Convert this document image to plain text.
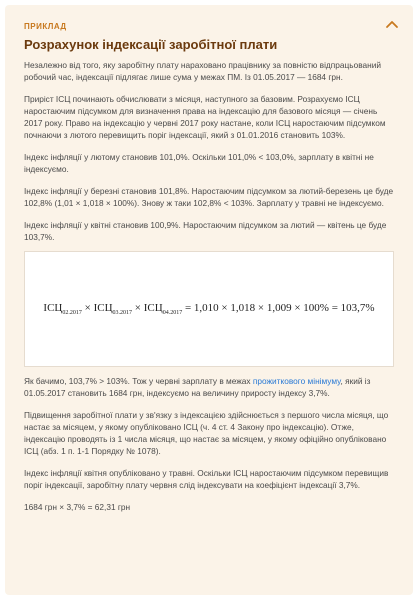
ПРИКЛАД
Розрахунок індексації заробітної плати

Незалежно від того, яку заробітну плату нараховано працівнику за повністю відпрацьований робочий час, індексації підлягає лише сума у межах ПМ. Із 01.05.2017 — 1684 грн.

Приріст ІСЦ починають обчислювати з місяця, наступного за базовим. Розрахуємо ІСЦ наростаючим підсумком для визначення права на індексацію для базового місяця — січень 2017 року. Право на індексацію у червні 2017 року настане, коли ІСЦ наростаючим підсумком почнаючи з лютого перевищить поріг індексації, який з 01.01.2016 становить 103%.

Індекс інфляції у лютому становив 101,0%. Оскільки 101,0% < 103,0%, зарплату в квітні не індексуємо.

Індекс інфляції у березні становив 101,8%. Наростаючим підсумком за лютий-березень це буде 102,8% (1,01 × 1,018 × 100%). Знову ж таки 102,8% < 103%. Зарплату у травні не індексуємо.

Індекс інфляції у квітні становив 100,9%. Наростаючим підсумком за лютий — квітень це буде 103,7%.

$ІСЦ_{02.2017} \times ІСЦ_{03.2017} \times ІСЦ_{04.2017} = 1,010 \times 1,018 \times 1,009 \times 100\% = 103,7\%$

Як бачимо, 103,7% > 103%. Тож у червні зарплату в межах прожиткового мінімуму, який із 01.05.2017 становить 1684 грн, індексуємо на величину приросту індексу 3,7%.

Підвищення заробітної плати у зв'язку з індексацією здійснюється з першого числа місяця, що настає за місяцем, у якому опубліковано ІСЦ (ч. 4 ст. 4 Закону про індексацію). Отже, індексацію проводять із 1 числа місяця, що настає за місяцем, у якому офіційно опубліковано ІСЦ (абз. 1 п. 1-1 Порядку № 1078).

Індекс інфляції квітня опубліковано у травні. Оскільки ІСЦ наростаючим підсумком перевищив поріг індексації, заробітну плату червня слід індексувати на коефіцієнт індексації 3,7%.

1684 грн × 3,7% = 62,31 грн
